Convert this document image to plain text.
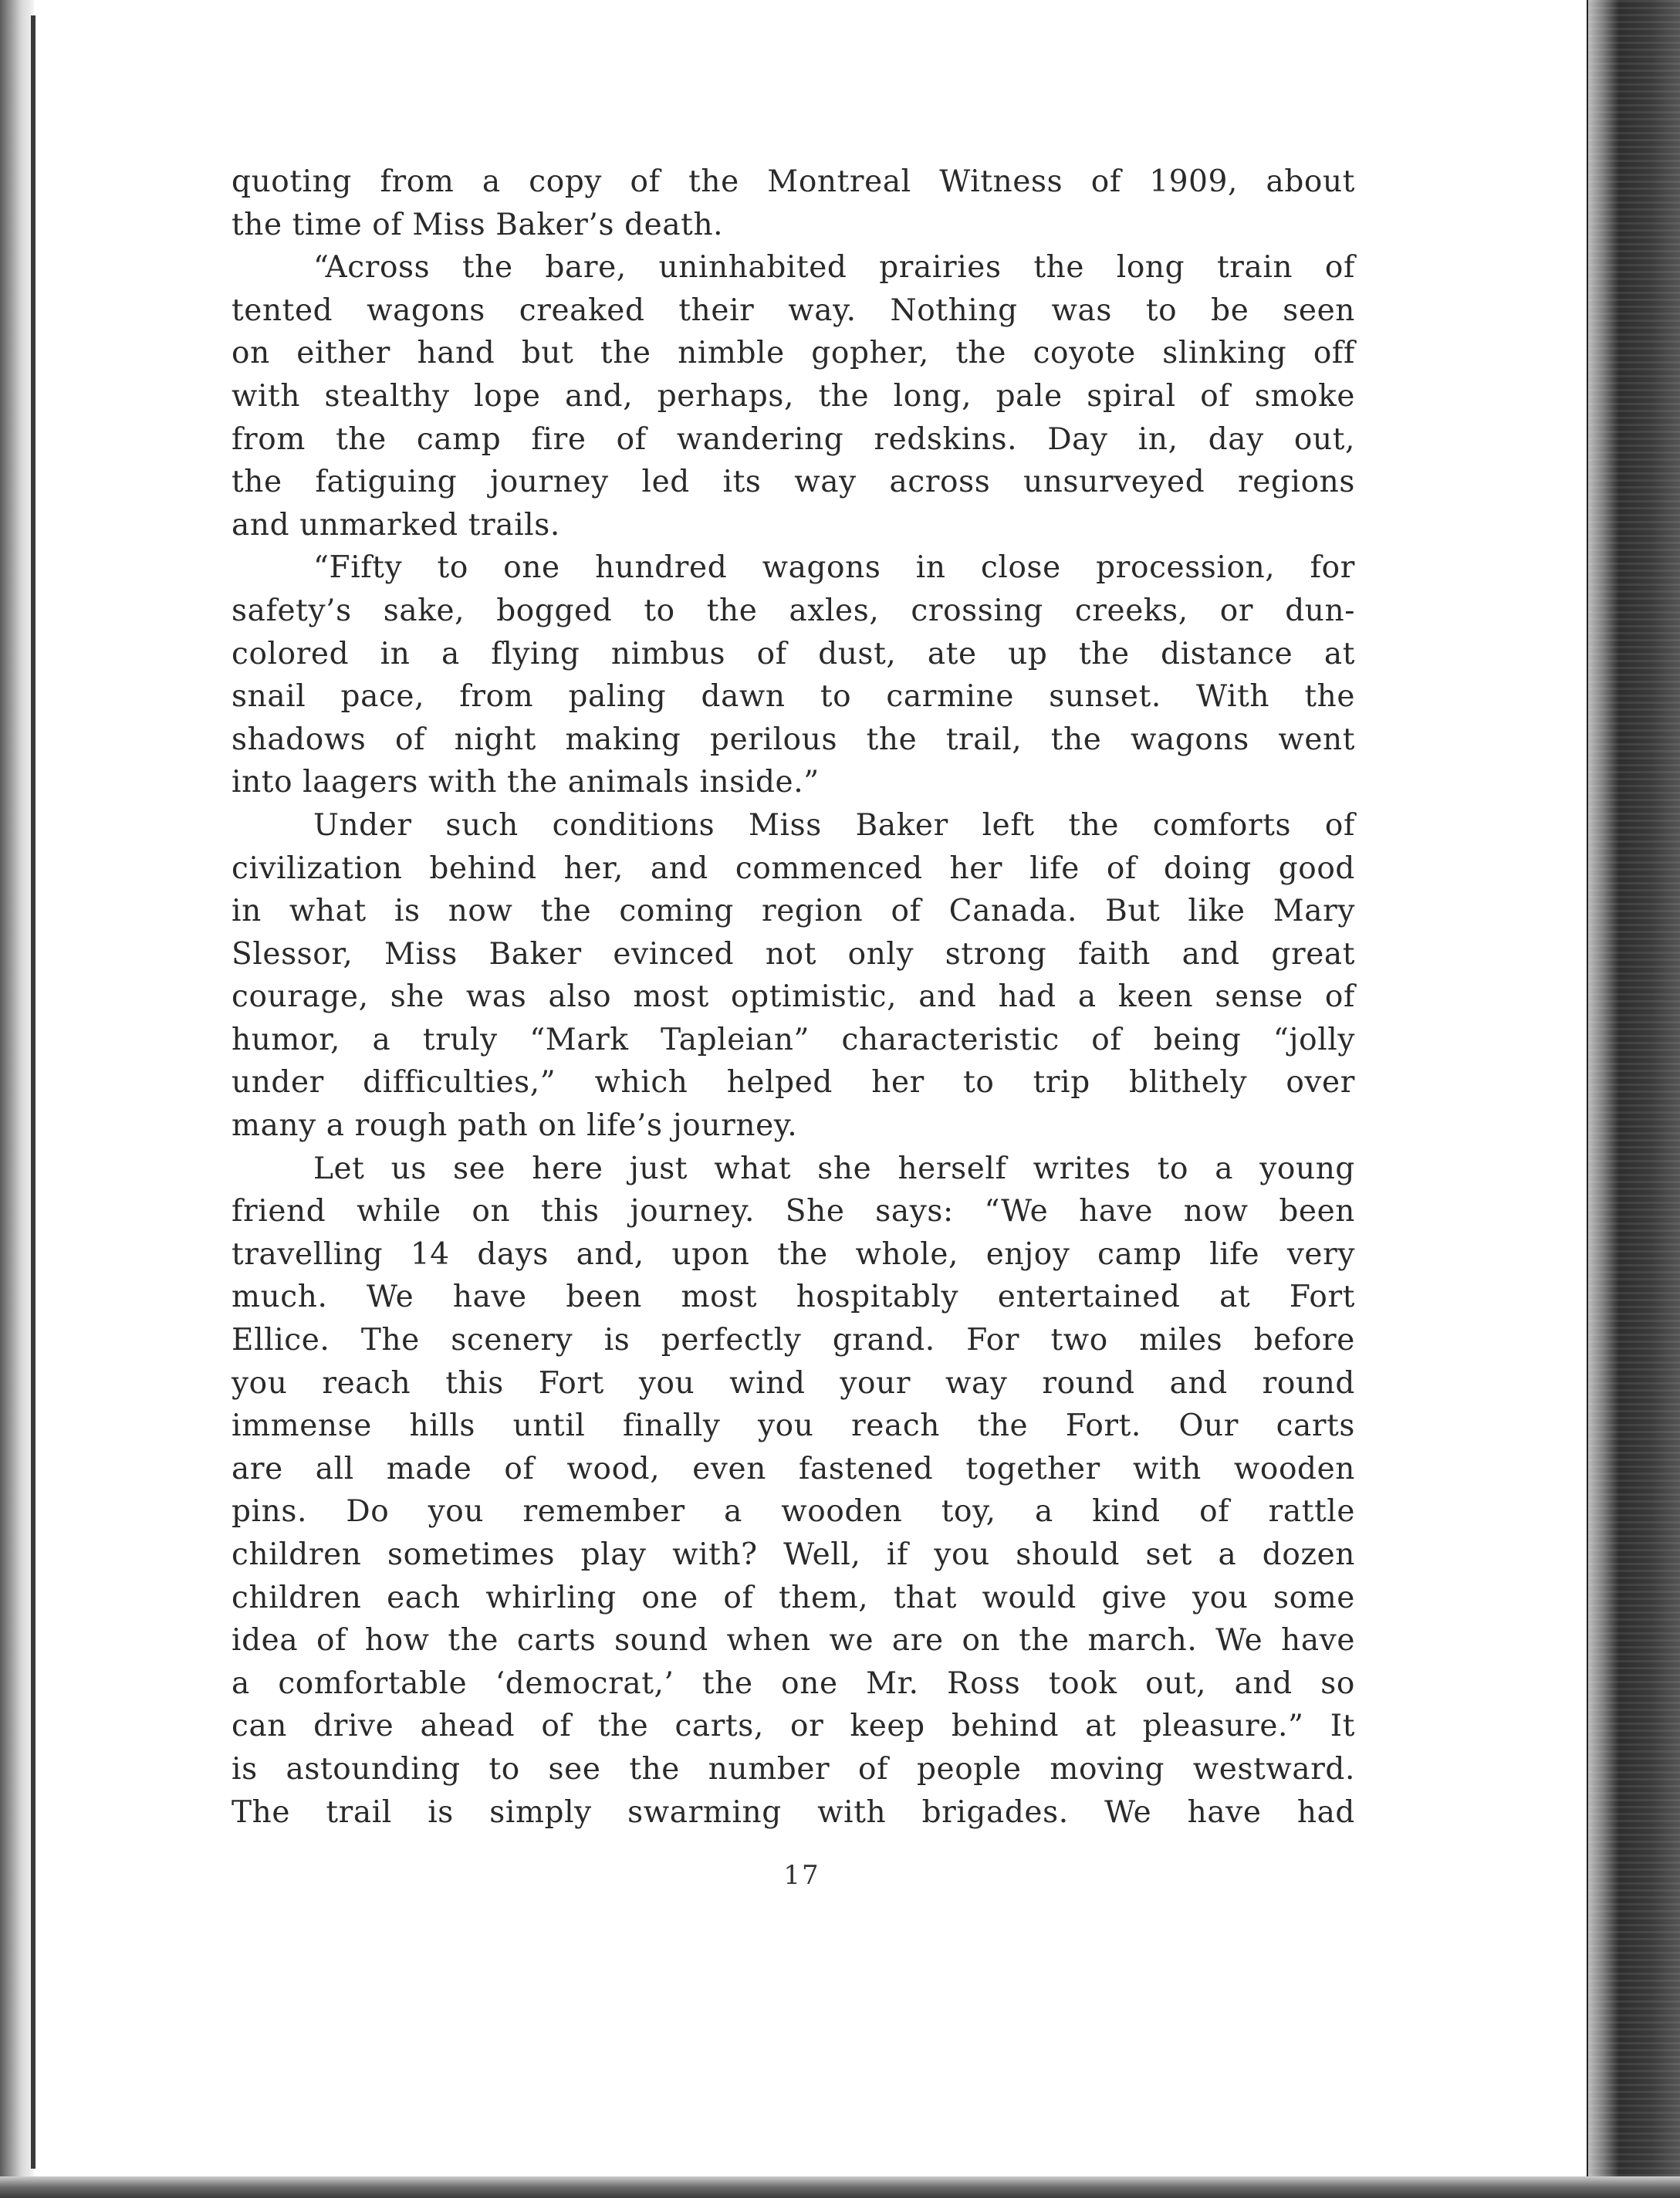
quoting from a copy of the Montreal Witness of 1909, about
the time of Miss Baker’s death.
“Across the bare, uninhabited prairies the long train of
tented wagons creaked their way. Nothing was to be seen
on either hand but the nimble gopher, the coyote slinking off
with stealthy lope and, perhaps, the long, pale spiral of smoke
from the camp fire of wandering redskins. Day in, day out,
the fatiguing journey led its way across unsurveyed regions
and unmarked trails.
“Fifty to one hundred wagons in close procession, for
safety’s sake, bogged to the axles, crossing creeks, or dun-
colored in a flying nimbus of dust, ate up the distance at
snail pace, from paling dawn to carmine sunset. With the
shadows of night making perilous the trail, the wagons went
into laagers with the animals inside.”
Under such conditions Miss Baker left the comforts of
civilization behind her, and commenced her life of doing good
in what is now the coming region of Canada. But like Mary
Slessor, Miss Baker evinced not only strong faith and great
courage, she was also most optimistic, and had a keen sense of
humor, a truly “Mark Tapleian” characteristic of being “jolly
under difficulties,” which helped her to trip blithely over
many a rough path on life’s journey.
Let us see here just what she herself writes to a young
friend while on this journey. She says: “We have now been
travelling 14 days and, upon the whole, enjoy camp life very
much. We have been most hospitably entertained at Fort
Ellice. The scenery is perfectly grand. For two miles before
you reach this Fort you wind your way round and round
immense hills until finally you reach the Fort. Our carts
are all made of wood, even fastened together with wooden
pins. Do you remember a wooden toy, a kind of rattle
children sometimes play with? Well, if you should set a dozen
children each whirling one of them, that would give you some
idea of how the carts sound when we are on the march. We have
a comfortable ‘democrat,’ the one Mr. Ross took out, and so
can drive ahead of the carts, or keep behind at pleasure.” It
is astounding to see the number of people moving westward.
The trail is simply swarming with brigades. We have had
17
